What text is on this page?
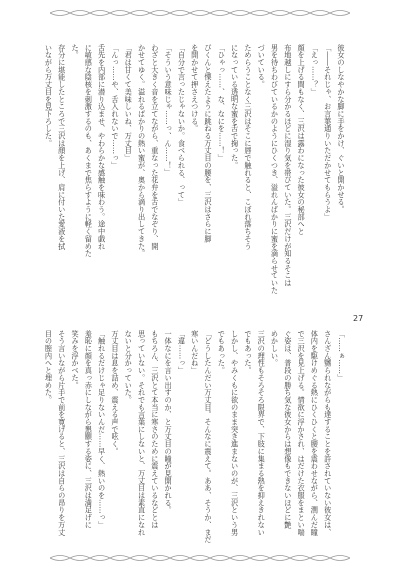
彼女のしなやかな脚に手をかけ、ぐいと開かせる。

「――それじゃ、お言葉通りいただかせてもらうよ」

「えっ……？」

顔を上げる間もなく、三沢は露わになった彼女の秘部へと

布地越しにすら分かるほどに湿り気を帯びていた。三沢だけが知るそこは

男を待ちわびているかのようにひくつき、溢れんばかりに蜜を滴らせていた

づいている。

ためらうことなく三沢はそこに唇で触れると、こぼれ落ちそう

になっている透明な蜜を舌で掬った。

「ひゃっ……、な、なにを……！」

びくんと慄えたように跳ねる万丈目の腰を、三沢はさらに脚

を開かせて押さえつける。

「自分で言ったじゃないか。食べられる、って」

「そういう意味じゃ……っ、ん……！」

わざと大きく音を立てながら、重なった花弁を舌でなぞり、開

かせてゆく。溢れるばかりの熱い蜜が、奥から滴り出してきた。

「君は甘くて美味しいね、万丈目」

「んっ……や、舌入れないで……っ」

舌先を内部に潜り込ませ、やわらかな感触を味わう。途中戯れ

に敏感な陰核を刺激するのも、あくまで焦らすように軽く留めた

た。

存分に堪能したところで三沢は顔を上げ、肩に付いた愛液を拭

いながら万丈目を見下ろした。

27

「……ぁ……」

さんざん嬲られながらも達することを許されていない彼女は、

体内を駆けめぐる熱にひくひくと腰を震わせながら、潤んだ瞳

で三沢を見上げる。情欲に浮かされ、はだけた衣服をまとい喘

ぐ姿は、普段の勝ち気な彼女からは想像もできないほどに艶

めかしい。

三沢の理性もそろそろ限界で、下肢に集まる熱を抑えきれない

でもあった。

しかし、やみくもに欲のまま突き進まないのが、三沢という男

でもあった。

「どうしたんだい万丈目。そんなに震えて。ああ、そうか、まだ

寒いんだね」

「違……っ」

一体なにを言い出すのか、と万丈目の瞳が見開かれる。

もちろん、三沢とて本当に寒さのために震えているなどとは

思っていない。それでも言葉にしないと、万丈目は素直になれ

ないと分かっていた。

万丈目は息を詰め、震える声で呟く。

「触れるだけじゃ足りないんだ……早く、熱いのを……っ」

羞恥に顔を真っ赤にしながら懇願する姿に、三沢は満足げに

笑みを浮かべた。

そう言いながら片手で前を寛げると、三沢は自らの昂りを万丈

目の膣内へと埋めた。
